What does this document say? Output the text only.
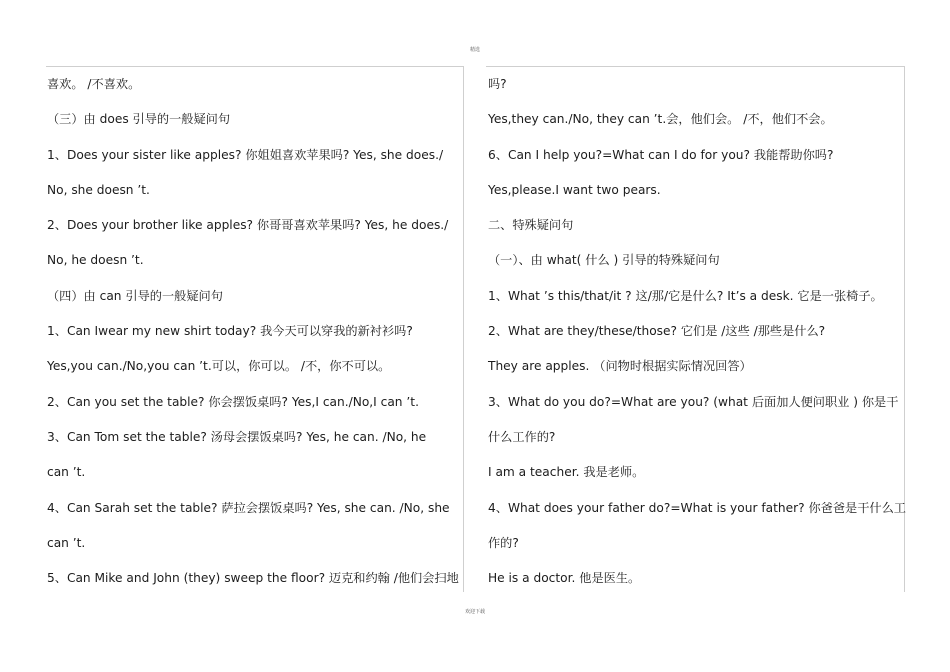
精选
喜欢。 /不喜欢。
（三）由 does 引导的一般疑问句
1、Does your sister like apples? 你姐姐喜欢苹果吗? Yes, she does./
No, she doesn ’t.
2、Does your brother like apples? 你哥哥喜欢苹果吗? Yes, he does./
No, he doesn ’t.
（四）由 can 引导的一般疑问句
1、Can Iwear my new shirt today? 我今天可以穿我的新衬衫吗?
Yes,you can./No,you can ’t.可以，你可以。 /不，你不可以。
2、Can you set the table? 你会摆饭桌吗? Yes,I can./No,I can ’t.
3、Can Tom set the table? 汤母会摆饭桌吗? Yes, he can. /No, he
can ’t.
4、Can Sarah set the table? 萨拉会摆饭桌吗? Yes, she can. /No, she
can ’t.
5、Can Mike and John (they) sweep the floor? 迈克和约翰 /他们会扫地
吗?
Yes,they can./No, they can ’t.会，他们会。 /不，他们不会。
6、Can I help you?=What can I do for you? 我能帮助你吗?
Yes,please.I want two pears.
二、特殊疑问句
（一）、由 what( 什么 ) 引导的特殊疑问句
1、What ’s this/that/it ? 这/那/它是什么? It’s a desk. 它是一张椅子。
2、What are they/these/those? 它们是 /这些 /那些是什么?
They are apples. （问物时根据实际情况回答）
3、What do you do?=What are you? (what 后面加人便问职业 ) 你是干
什么工作的?
I am a teacher. 我是老师。
4、What does your father do?=What is your father? 你爸爸是干什么工
作的?
He is a doctor. 他是医生。
欢迎下载
